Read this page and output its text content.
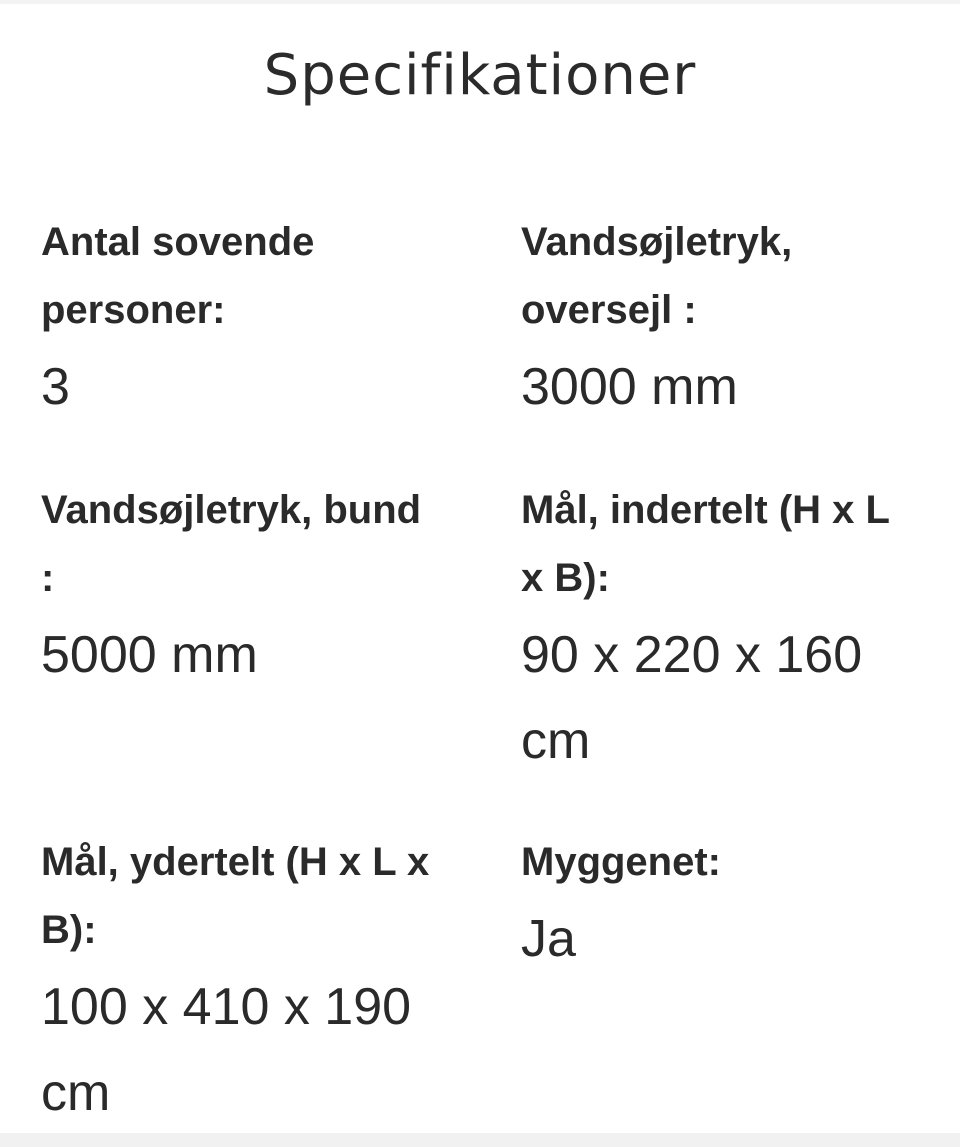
Specifikationer
Antal sovende personer:
3
Vandsøjletryk, oversejl :
3000 mm
Vandsøjletryk, bund :
5000 mm
Mål, indertelt (H x L x B):
90 x 220 x 160 cm
Mål, ydertelt (H x L x B):
100 x 410 x 190 cm
Myggenet:
Ja
